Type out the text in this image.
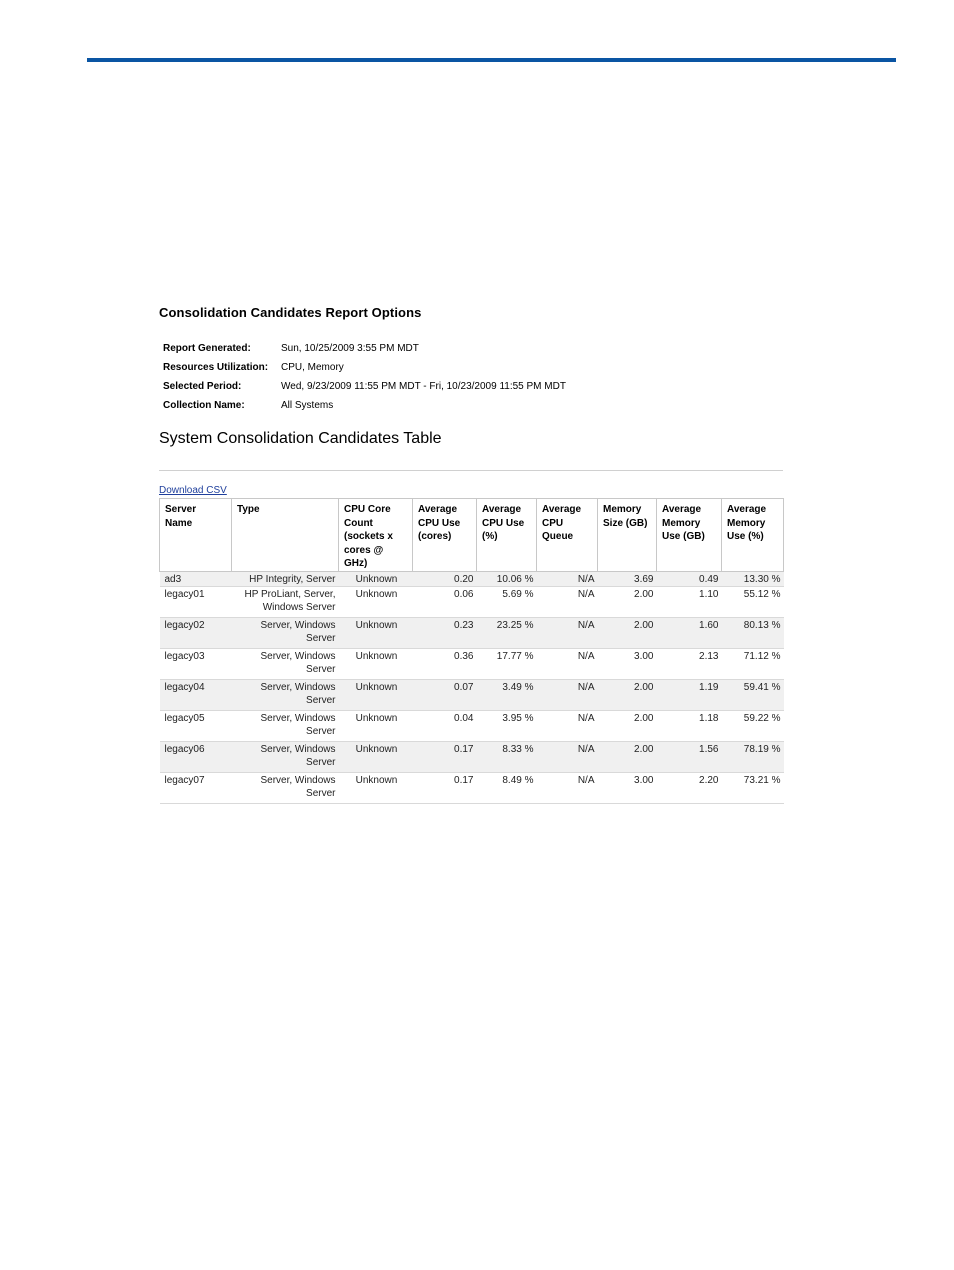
Consolidation Candidates Report Options
Report Generated:	Sun, 10/25/2009 3:55 PM MDT
Resources Utilization:	CPU, Memory
Selected Period:	Wed, 9/23/2009 11:55 PM MDT - Fri, 10/23/2009 11:55 PM MDT
Collection Name:	All Systems
System Consolidation Candidates Table
Download CSV
Server Name	Type	CPU Core Count (sockets x cores @ GHz)	Average CPU Use (cores)	Average CPU Use (%)	Average CPU Queue	Memory Size (GB)	Average Memory Use (GB)	Average Memory Use (%)
ad3	HP Integrity, Server	Unknown	0.20	10.06 %	N/A	3.69	0.49	13.30 %
legacy01	HP ProLiant, Server, Windows Server	Unknown	0.06	5.69 %	N/A	2.00	1.10	55.12 %
legacy02	Server, Windows Server	Unknown	0.23	23.25 %	N/A	2.00	1.60	80.13 %
legacy03	Server, Windows Server	Unknown	0.36	17.77 %	N/A	3.00	2.13	71.12 %
legacy04	Server, Windows Server	Unknown	0.07	3.49 %	N/A	2.00	1.19	59.41 %
legacy05	Server, Windows Server	Unknown	0.04	3.95 %	N/A	2.00	1.18	59.22 %
legacy06	Server, Windows Server	Unknown	0.17	8.33 %	N/A	2.00	1.56	78.19 %
legacy07	Server, Windows Server	Unknown	0.17	8.49 %	N/A	3.00	2.20	73.21 %
